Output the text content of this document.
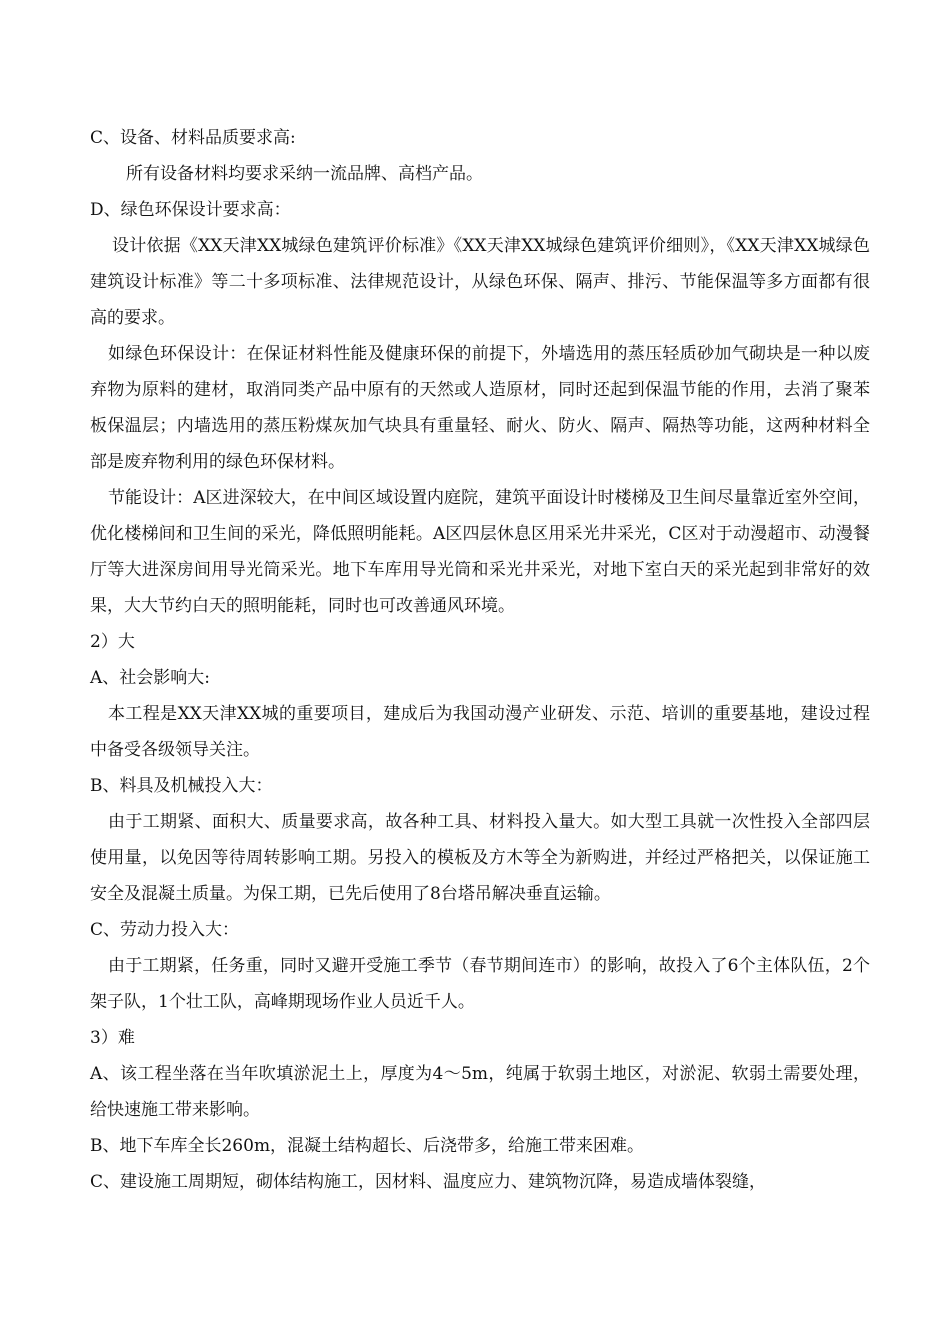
C、设备、材料品质要求高:

所有设备材料均要求采纳一流品牌、高档产品。

D、绿色环保设计要求高：

设计依据《XX天津XX城绿色建筑评价标准》《XX天津XX城绿色建筑评价细则》，《XX天津XX城绿色建筑设计标准》等二十多项标准、法律规范设计，从绿色环保、隔声、排污、节能保温等多方面都有很高的要求。

如绿色环保设计：在保证材料性能及健康环保的前提下，外墙选用的蒸压轻质砂加气砌块是一种以废弃物为原料的建材，取消同类产品中原有的天然或人造原材，同时还起到保温节能的作用，去消了聚苯板保温层；内墙选用的蒸压粉煤灰加气块具有重量轻、耐火、防火、隔声、隔热等功能，这两种材料全部是废弃物利用的绿色环保材料。

节能设计：A区进深较大，在中间区域设置内庭院，建筑平面设计时楼梯及卫生间尽量靠近室外空间，优化楼梯间和卫生间的采光，降低照明能耗。A区四层休息区用采光井采光，C区对于动漫超市、动漫餐厅等大进深房间用导光筒采光。地下车库用导光筒和采光井采光，对地下室白天的采光起到非常好的效果，大大节约白天的照明能耗，同时也可改善通风环境。

2）大

A、社会影响大:

本工程是XX天津XX城的重要项目，建成后为我国动漫产业研发、示范、培训的重要基地，建设过程中备受各级领导关注。

B、料具及机械投入大：

由于工期紧、面积大、质量要求高，故各种工具、材料投入量大。如大型工具就一次性投入全部四层使用量，以免因等待周转影响工期。另投入的模板及方木等全为新购进，并经过严格把关，以保证施工安全及混凝土质量。为保工期，已先后使用了8台塔吊解决垂直运输。

C、劳动力投入大：

由于工期紧，任务重，同时又避开受施工季节（春节期间连市）的影响，故投入了6个主体队伍，2个架子队，1个壮工队，高峰期现场作业人员近千人。

3）难

A、该工程坐落在当年吹填淤泥土上，厚度为4～5m，纯属于软弱土地区，对淤泥、软弱土需要处理，给快速施工带来影响。

B、地下车库全长260m，混凝土结构超长、后浇带多，给施工带来困难。

C、建设施工周期短，砌体结构施工，因材料、温度应力、建筑物沉降，易造成墙体裂缝，
